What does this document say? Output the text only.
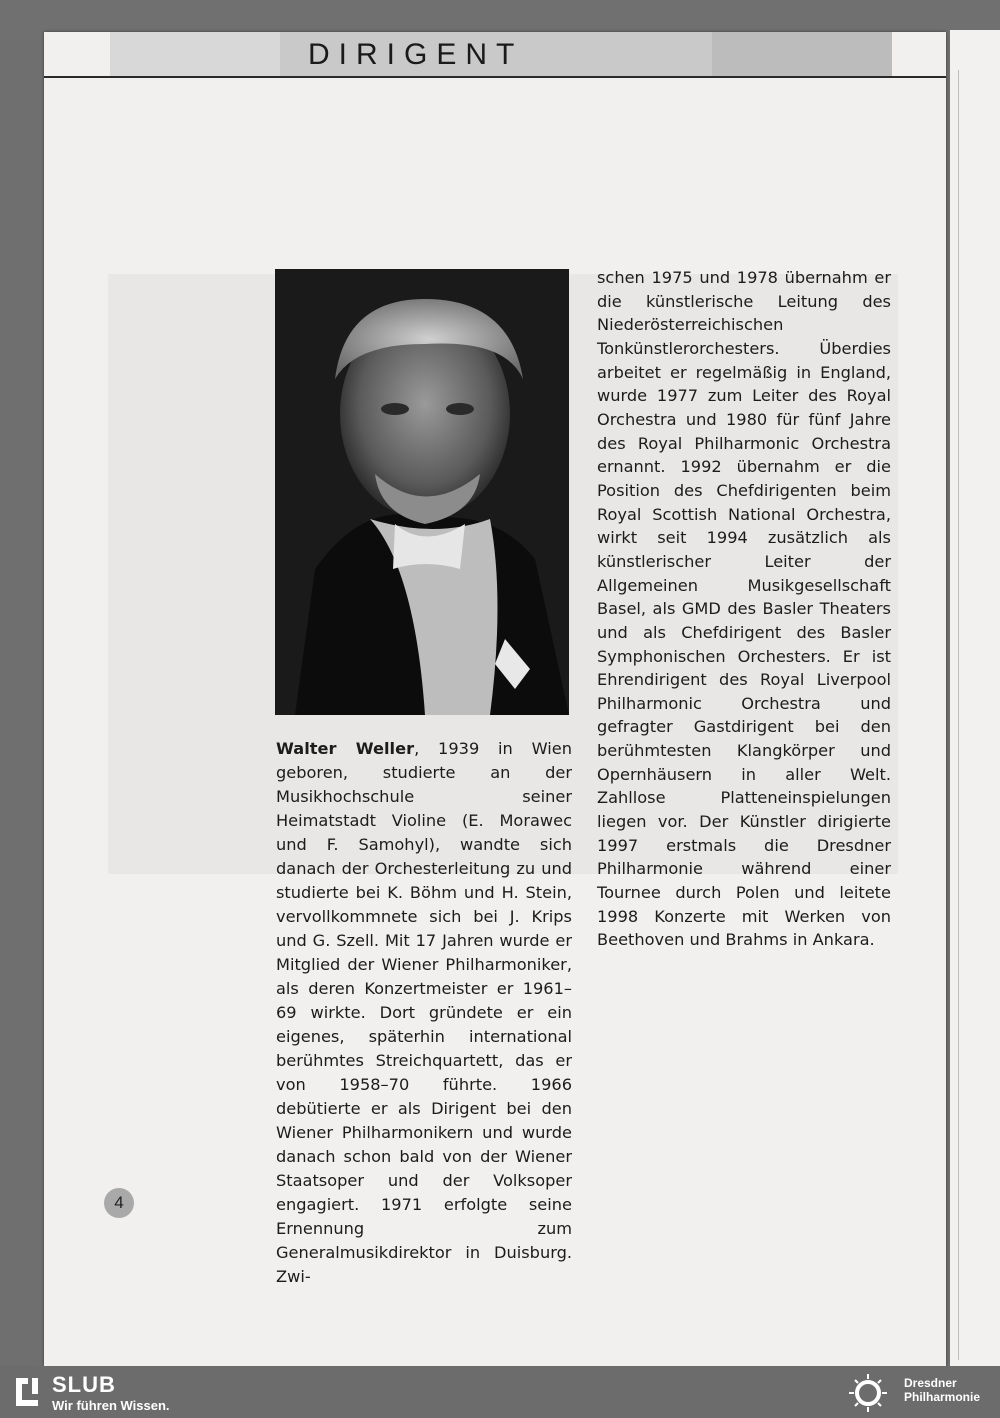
DIRIGENT
Walter Weller, 1939 in Wien geboren, studierte an der Musikhochschule seiner Heimatstadt Violine (E. Morawec und F. Samohyl), wandte sich danach der Orchesterleitung zu und studierte bei K. Böhm und H. Stein, vervollkommnete sich bei J. Krips und G. Szell. Mit 17 Jahren wurde er Mitglied der Wiener Philharmoniker, als deren Konzertmeister er 1961–69 wirkte. Dort gründete er ein eigenes, späterhin international berühmtes Streichquartett, das er von 1958–70 führte. 1966 debütierte er als Dirigent bei den Wiener Philharmonikern und wurde danach schon bald von der Wiener Staatsoper und der Volksoper engagiert. 1971 erfolgte seine Ernennung zum Generalmusikdirektor in Duisburg. Zwi-
schen 1975 und 1978 übernahm er die künstlerische Leitung des Niederösterreichischen Tonkünstlerorchesters. Überdies arbeitet er regelmäßig in England, wurde 1977 zum Leiter des Royal Orchestra und 1980 für fünf Jahre des Royal Philharmonic Orchestra ernannt. 1992 übernahm er die Position des Chefdirigenten beim Royal Scottish National Orchestra, wirkt seit 1994 zusätzlich als künstlerischer Leiter der Allgemeinen Musikgesellschaft Basel, als GMD des Basler Theaters und als Chefdirigent des Basler Symphonischen Orchesters. Er ist Ehrendirigent des Royal Liverpool Philharmonic Orchestra und gefragter Gastdirigent bei den berühmtesten Klangkörper und Opernhäusern in aller Welt. Zahllose Platteneinspielungen liegen vor. Der Künstler dirigierte 1997 erstmals die Dresdner Philharmonie während einer Tournee durch Polen und leitete 1998 Konzerte mit Werken von Beethoven und Brahms in Ankara.
4
SLUB
Wir führen Wissen.
Dresdner
Philharmonie
